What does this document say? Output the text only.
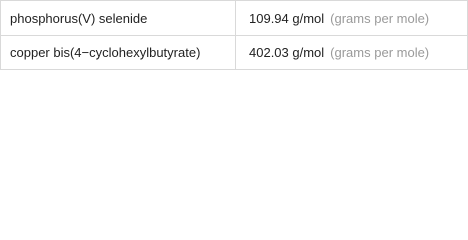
phosphorus(V) selenide	109.94 g/mol (grams per mole)
copper bis(4−cyclohexylbutyrate)	402.03 g/mol (grams per mole)
